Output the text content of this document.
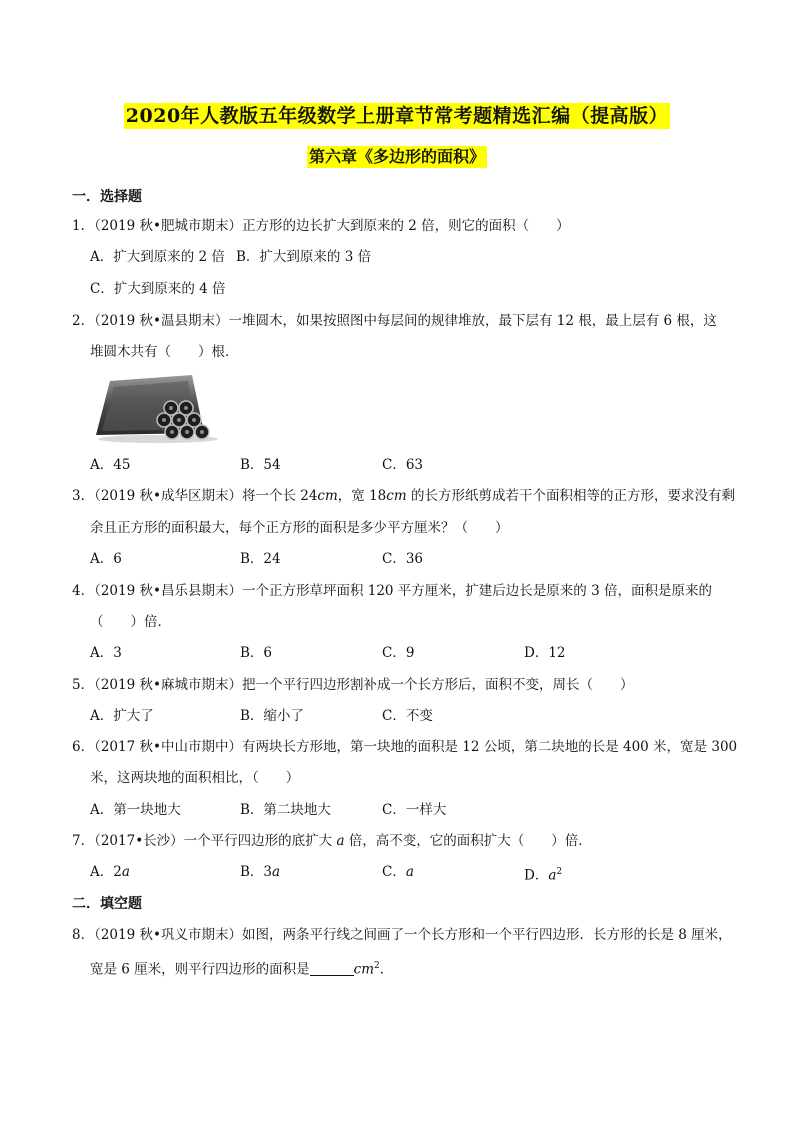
2020年人教版五年级数学上册章节常考题精选汇编（提高版）
第六章《多边形的面积》
一．选择题
1．（2019 秋•肥城市期末）正方形的边长扩大到原来的 2 倍，则它的面积（　　）
A．扩大到原来的 2 倍 B．扩大到原来的 3 倍
C．扩大到原来的 4 倍
2．（2019 秋•温县期末）一堆圆木，如果按照图中每层间的规律堆放，最下层有 12 根，最上层有 6 根，这
堆圆木共有（　　）根．
A．45	B．54	C．63
3．（2019 秋•成华区期末）将一个长 24cm，宽 18cm 的长方形纸剪成若干个面积相等的正方形，要求没有剩
余且正方形的面积最大，每个正方形的面积是多少平方厘米？（　　）
A．6	B．24	C．36
4．（2019 秋•昌乐县期末）一个正方形草坪面积 120 平方厘米，扩建后边长是原来的 3 倍，面积是原来的
（　　）倍．
A．3	B．6	C．9	D．12
5．（2019 秋•麻城市期末）把一个平行四边形割补成一个长方形后，面积不变，周长（　　）
A．扩大了	B．缩小了	C．不变
6．（2017 秋•中山市期中）有两块长方形地，第一块地的面积是 12 公顷，第二块地的长是 400 米，宽是 300
米，这两块地的面积相比，（　　）
A．第一块地大	B．第二块地大	C．一样大
7．（2017•长沙）一个平行四边形的底扩大 a 倍，高不变，它的面积扩大（　　）倍．
A．2a	B．3a	C．a	D．$a^2$
二．填空题
8．（2019 秋•巩义市期末）如图，两条平行线之间画了一个长方形和一个平行四边形．长方形的长是 8 厘米，
宽是 6 厘米，则平行四边形的面积是	$cm^2$．
